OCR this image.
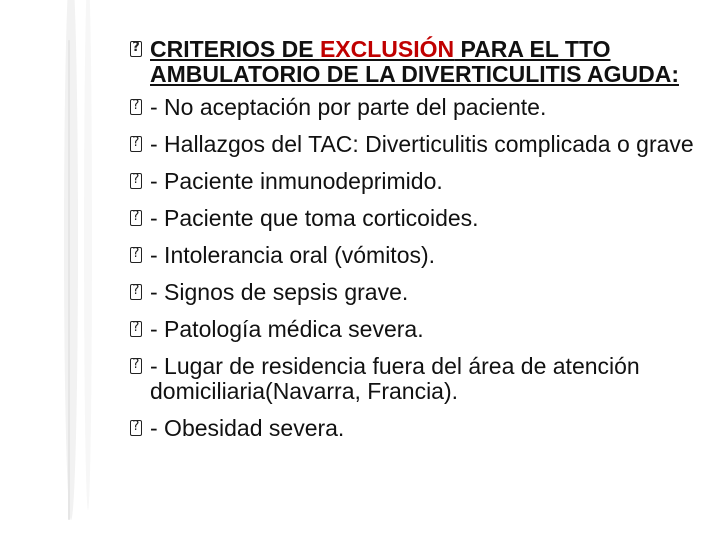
? CRITERIOS DE EXCLUSIÓN PARA EL TTO AMBULATORIO DE LA DIVERTICULITIS AGUDA:
? - No aceptación por parte del paciente.
? - Hallazgos del TAC: Diverticulitis complicada o grave
? - Paciente inmunodeprimido.
? - Paciente que toma corticoides.
? - Intolerancia oral (vómitos).
? - Signos de sepsis grave.
? - Patología médica severa.
? - Lugar de residencia fuera del área de atención domiciliaria(Navarra, Francia).
? - Obesidad severa.
